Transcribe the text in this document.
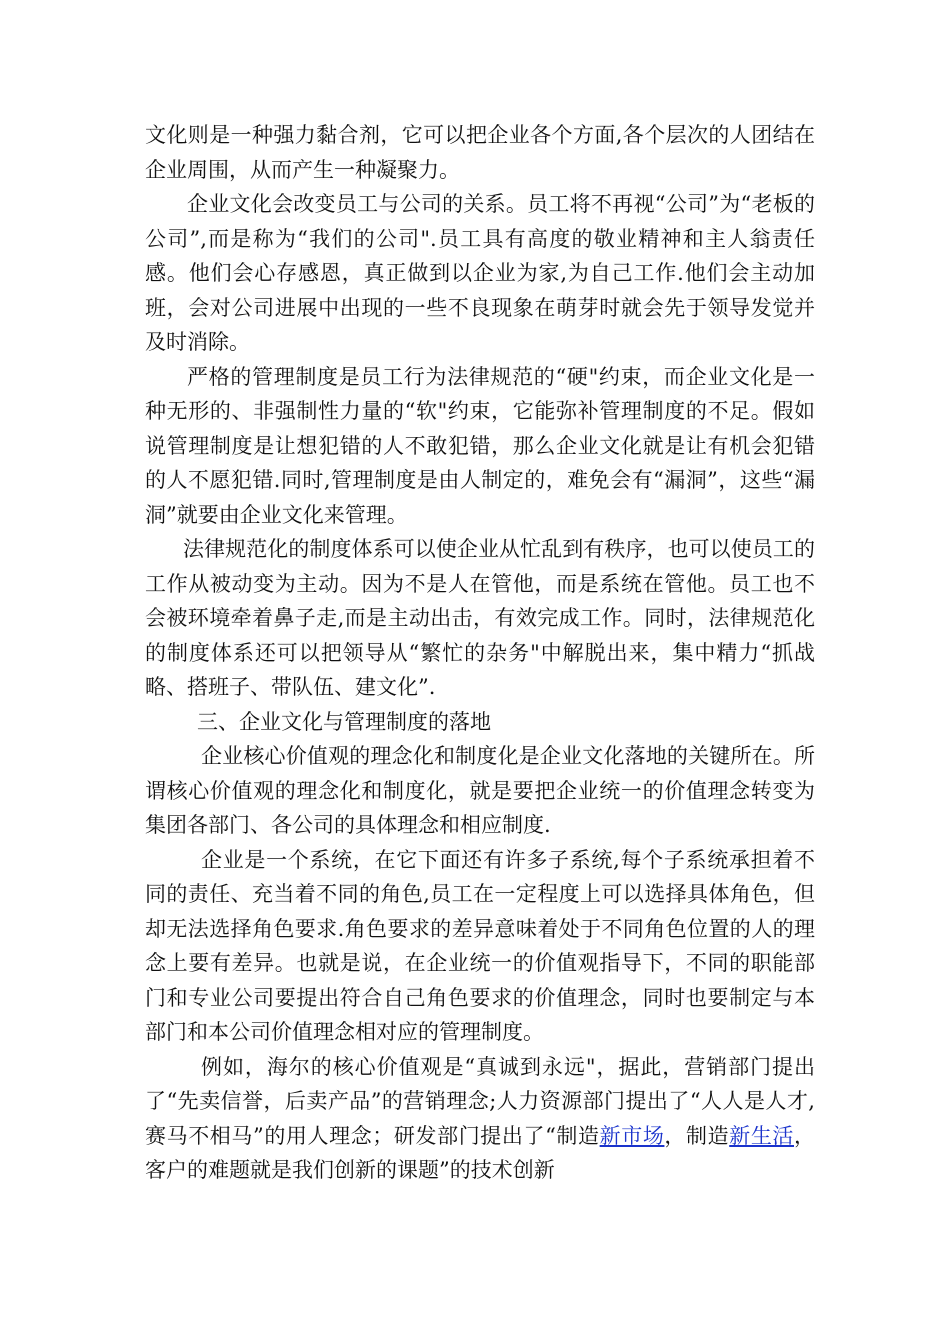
文化则是一种强力黏合剂，它可以把企业各个方面,各个层次的人团结在企业周围，从而产生一种凝聚力。

企业文化会改变员工与公司的关系。员工将不再视“公司”为“老板的公司”,而是称为“我们的公司".员工具有高度的敬业精神和主人翁责任感。他们会心存感恩，真正做到以企业为家,为自己工作.他们会主动加班，会对公司进展中出现的一些不良现象在萌芽时就会先于领导发觉并及时消除。

严格的管理制度是员工行为法律规范的“硬"约束，而企业文化是一种无形的、非强制性力量的“软"约束，它能弥补管理制度的不足。假如说管理制度是让想犯错的人不敢犯错，那么企业文化就是让有机会犯错的人不愿犯错.同时,管理制度是由人制定的，难免会有“漏洞”，这些“漏洞”就要由企业文化来管理。

法律规范化的制度体系可以使企业从忙乱到有秩序，也可以使员工的工作从被动变为主动。因为不是人在管他，而是系统在管他。员工也不会被环境牵着鼻子走,而是主动出击，有效完成工作。同时，法律规范化的制度体系还可以把领导从“繁忙的杂务"中解脱出来，集中精力“抓战略、搭班子、带队伍、建文化”.

三、企业文化与管理制度的落地

企业核心价值观的理念化和制度化是企业文化落地的关键所在。所谓核心价值观的理念化和制度化，就是要把企业统一的价值理念转变为集团各部门、各公司的具体理念和相应制度.

企业是一个系统，在它下面还有许多子系统,每个子系统承担着不同的责任、充当着不同的角色,员工在一定程度上可以选择具体角色，但却无法选择角色要求.角色要求的差异意味着处于不同角色位置的人的理念上要有差异。也就是说，在企业统一的价值观指导下，不同的职能部门和专业公司要提出符合自己角色要求的价值理念，同时也要制定与本部门和本公司价值理念相对应的管理制度。

例如，海尔的核心价值观是“真诚到永远"，据此，营销部门提出了“先卖信誉，后卖产品”的营销理念;人力资源部门提出了“人人是人才,赛马不相马”的用人理念；研发部门提出了“制造新市场，制造新生活，客户的难题就是我们创新的课题”的技术创新
